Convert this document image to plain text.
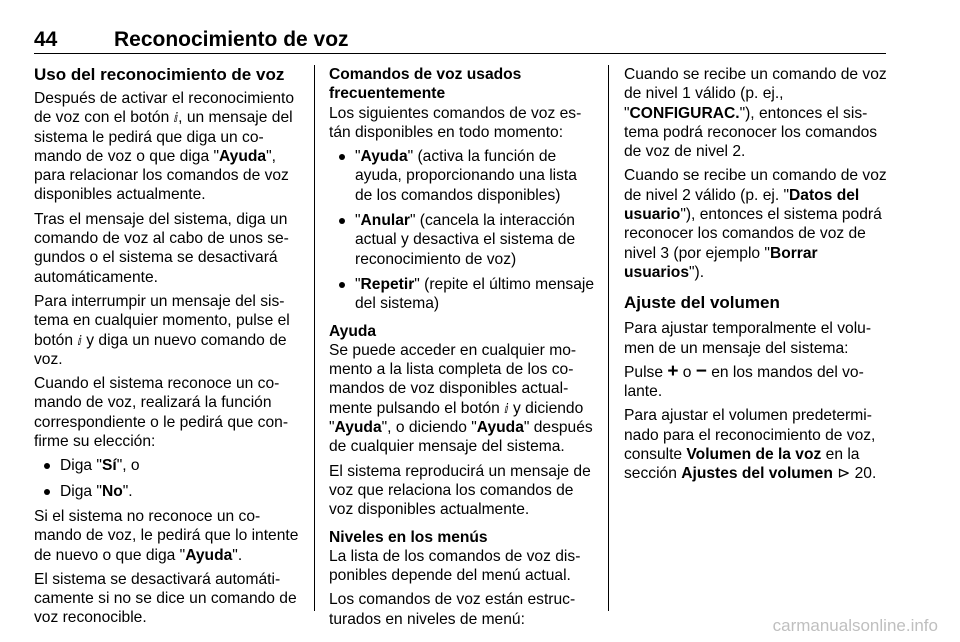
44	Reconocimiento de voz
Uso del reconocimiento de voz

Después de activar el reconocimiento de voz con el botón ⅈ, un mensaje del sistema le pedirá que diga un comando de voz o que diga "Ayuda", para relacionar los comandos de voz disponibles actualmente.

Tras el mensaje del sistema, diga un comando de voz al cabo de unos segundos o el sistema se desactivará automáticamente.

Para interrumpir un mensaje del sistema en cualquier momento, pulse el botón ⅈ y diga un nuevo comando de voz.

Cuando el sistema reconoce un comando de voz, realizará la función correspondiente o le pedirá que confirme su elección:

Diga "Sí", o
Diga "No".

Si el sistema no reconoce un comando de voz, le pedirá que lo intente de nuevo o que diga "Ayuda".

El sistema se desactivará automáticamente si no se dice un comando de voz reconocible.

Comandos de voz usados frecuentemente

Los siguientes comandos de voz están disponibles en todo momento:

"Ayuda" (activa la función de ayuda, proporcionando una lista de los comandos disponibles)
"Anular" (cancela la interacción actual y desactiva el sistema de reconocimiento de voz)
"Repetir" (repite el último mensaje del sistema)
Ayuda

Se puede acceder en cualquier momento a la lista completa de los comandos de voz disponibles actualmente pulsando el botón ⅈ y diciendo "Ayuda", o diciendo "Ayuda" después de cualquier mensaje del sistema.

El sistema reproducirá un mensaje de voz que relaciona los comandos de voz disponibles actualmente.

Niveles en los menús

La lista de los comandos de voz disponibles depende del menú actual.

Los comandos de voz están estructurados en niveles de menú:

Cuando se recibe un comando de voz de nivel 1 válido (p. ej., "CONFIGURAC."), entonces el sistema podrá reconocer los comandos de voz de nivel 2.

Cuando se recibe un comando de voz de nivel 2 válido (p. ej. "Datos del usuario"), entonces el sistema podrá reconocer los comandos de voz de nivel 3 (por ejemplo "Borrar usuarios").

Ajuste del volumen

Para ajustar temporalmente el volumen de un mensaje del sistema:

Pulse + o − en los mandos del volante.

Para ajustar el volumen predeterminado para el reconocimiento de voz, consulte Volumen de la voz en la sección Ajustes del volumen ⊳ 20.

carmanualsonline.info
